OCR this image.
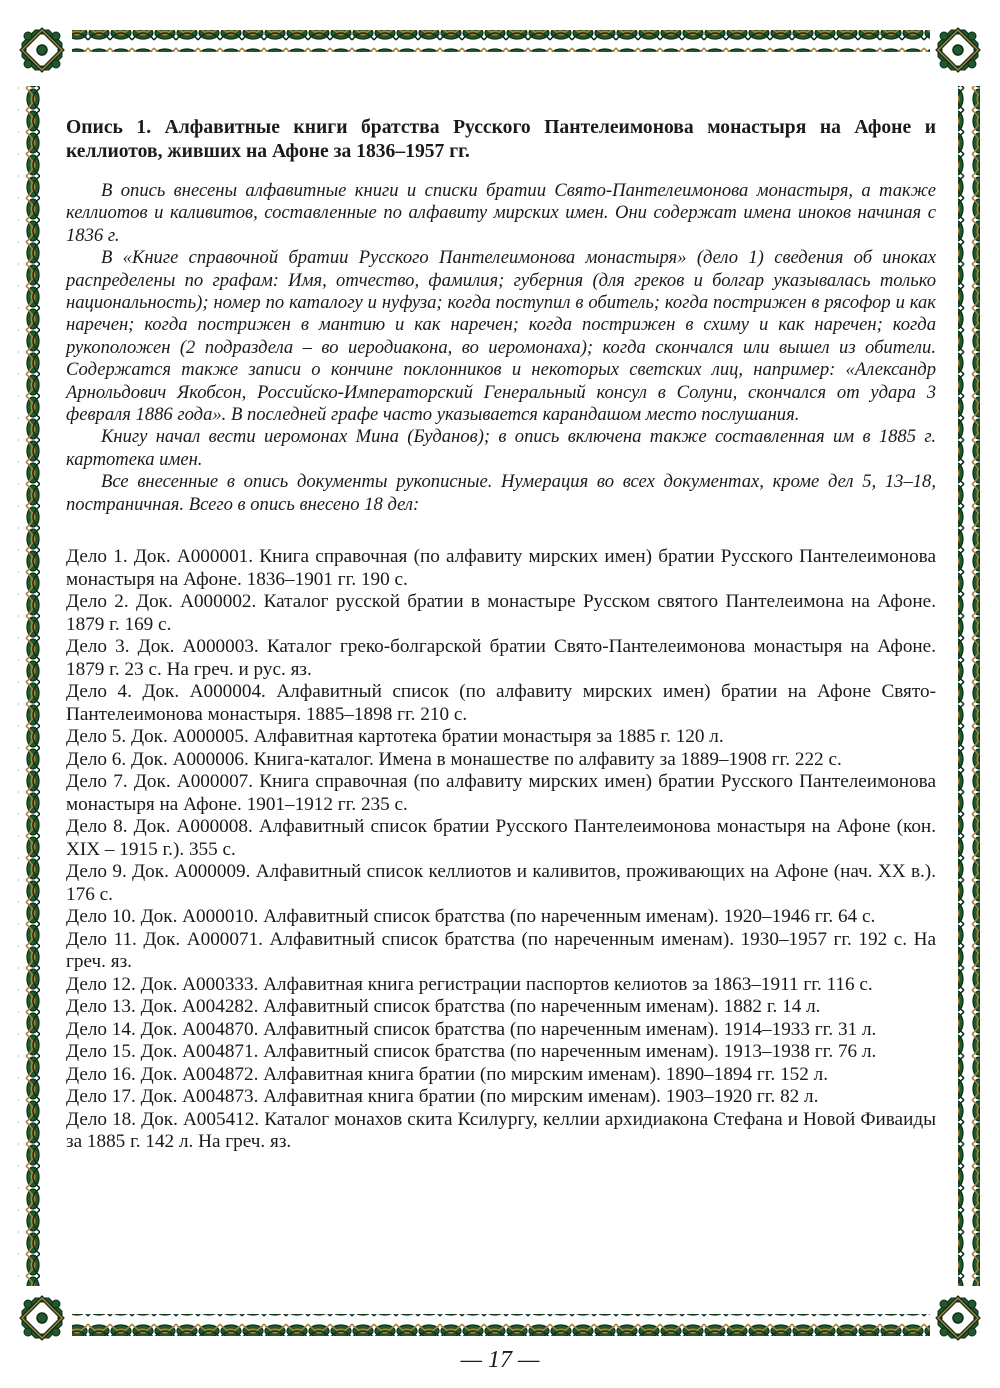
Опись 1. Алфавитные книги братства Русского Пантелеимонова монастыря на Афоне и келлиотов, живших на Афоне за 1836–1957 гг.

В опись внесены алфавитные книги и списки братии Свято-Пантелеимонова монастыря, а также келлиотов и каливитов, составленные по алфавиту мирских имен. Они содержат имена иноков начиная с 1836 г.

В «Книге справочной братии Русского Пантелеимонова монастыря» (дело 1) сведения об иноках распределены по графам: Имя, отчество, фамилия; губерния (для греков и болгар указывалась только национальность); номер по каталогу и нуфуза; когда поступил в обитель; когда пострижен в рясофор и как наречен; когда пострижен в мантию и как наречен; когда пострижен в схиму и как наречен; когда рукоположен (2 подраздела – во иеродиакона, во иеромонаха); когда скончался или вышел из обители. Содержатся также записи о кончине поклонников и некоторых светских лиц, например: «Александр Арнольдович Якобсон, Российско-Императорский Генеральный консул в Солуни, скончался от удара 3 февраля 1886 года». В последней графе часто указывается карандашом место послушания.

Книгу начал вести иеромонах Мина (Буданов); в опись включена также составленная им в 1885 г. картотека имен.

Все внесенные в опись документы рукописные. Нумерация во всех документах, кроме дел 5, 13–18, постраничная. Всего в опись внесено 18 дел:

Дело 1. Док. А000001. Книга справочная (по алфавиту мирских имен) братии Русского Пантелеимонова монастыря на Афоне. 1836–1901 гг. 190 с.

Дело 2. Док. А000002. Каталог русской братии в монастыре Русском святого Пантелеимона на Афоне. 1879 г. 169 с.

Дело 3. Док. А000003. Каталог греко-болгарской братии Свято-Пантелеимонова монастыря на Афоне. 1879 г. 23 с. На греч. и рус. яз.

Дело 4. Док. А000004. Алфавитный список (по алфавиту мирских имен) братии на Афоне Свято-Пантелеимонова монастыря. 1885–1898 гг. 210 с.

Дело 5. Док. А000005. Алфавитная картотека братии монастыря за 1885 г. 120 л.

Дело 6. Док. А000006. Книга-каталог. Имена в монашестве по алфавиту за 1889–1908 гг. 222 с.

Дело 7. Док. А000007. Книга справочная (по алфавиту мирских имен) братии Русского Пантелеимонова монастыря на Афоне. 1901–1912 гг. 235 с.

Дело 8. Док. А000008. Алфавитный список братии Русского Пантелеимонова монастыря на Афоне (кон. XIX – 1915 г.). 355 с.

Дело 9. Док. А000009. Алфавитный список келлиотов и каливитов, проживающих на Афоне (нач. XX в.). 176 с.

Дело 10. Док. А000010. Алфавитный список братства (по нареченным именам). 1920–1946 гг. 64 с.

Дело 11. Док. А000071. Алфавитный список братства (по нареченным именам). 1930–1957 гг. 192 с. На греч. яз.

Дело 12. Док. А000333. Алфавитная книга регистрации паспортов келиотов за 1863–1911 гг. 116 с.

Дело 13. Док. А004282. Алфавитный список братства (по нареченным именам). 1882 г. 14 л.

Дело 14. Док. А004870. Алфавитный список братства (по нареченным именам). 1914–1933 гг. 31 л.

Дело 15. Док. А004871. Алфавитный список братства (по нареченным именам). 1913–1938 гг. 76 л.

Дело 16. Док. А004872. Алфавитная книга братии (по мирским именам). 1890–1894 гг. 152 л.

Дело 17. Док. А004873. Алфавитная книга братии (по мирским именам). 1903–1920 гг. 82 л.

Дело 18. Док. А005412. Каталог монахов скита Ксилургу, келлии архидиакона Стефана и Новой Фиваиды за 1885 г. 142 л. На греч. яз.

— 17 —
